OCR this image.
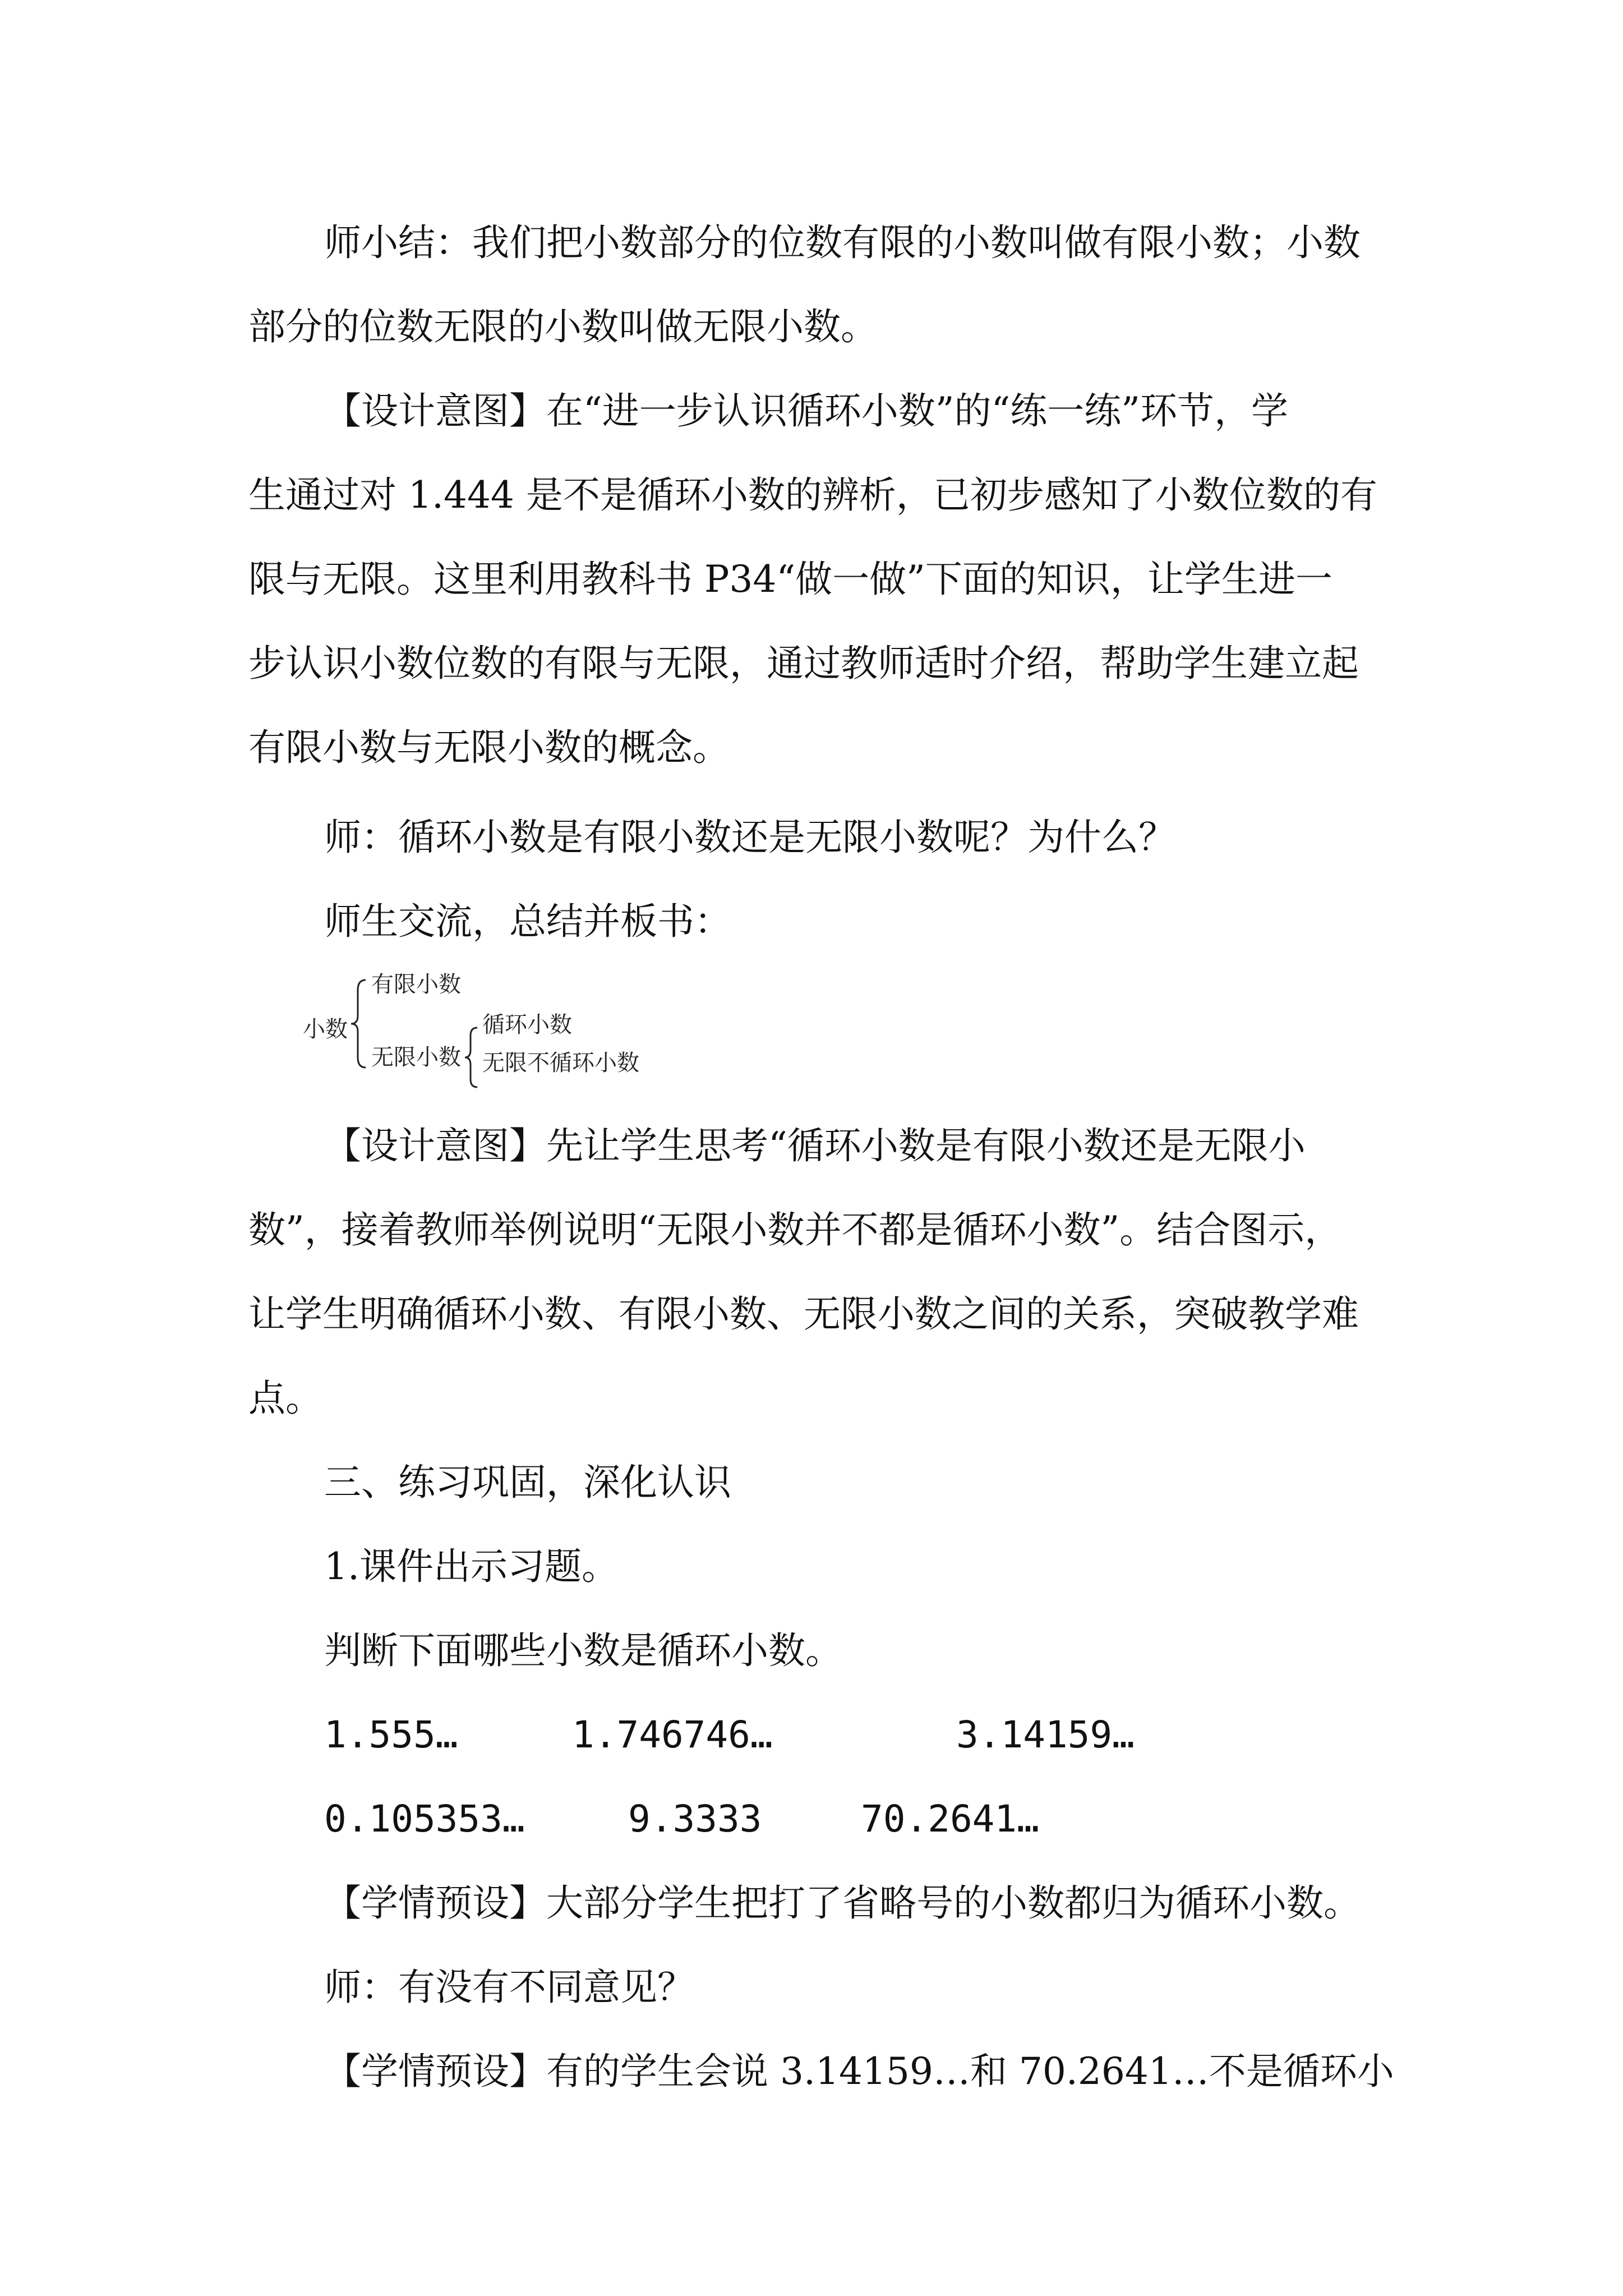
师小结：我们把小数部分的位数有限的小数叫做有限小数；小数
部分的位数无限的小数叫做无限小数。
【设计意图】在“进一步认识循环小数”的“练一练”环节，学
生通过对 1.444 是不是循环小数的辨析，已初步感知了小数位数的有
限与无限。这里利用教科书 P34“做一做”下面的知识，让学生进一
步认识小数位数的有限与无限，通过教师适时介绍，帮助学生建立起
有限小数与无限小数的概念。
师：循环小数是有限小数还是无限小数呢？为什么？
师生交流，总结并板书：
小数
有限小数
无限小数
循环小数
无限不循环小数
【设计意图】先让学生思考“循环小数是有限小数还是无限小
数”，接着教师举例说明“无限小数并不都是循环小数”。结合图示，
让学生明确循环小数、有限小数、无限小数之间的关系，突破教学难
点。
三、练习巩固，深化认识
1.课件出示习题。
判断下面哪些小数是循环小数。
1.555…	1.746746…	3.14159…
0.105353…	9.3333	70.2641…
【学情预设】大部分学生把打了省略号的小数都归为循环小数。
师：有没有不同意见？
【学情预设】有的学生会说 3.14159…和 70.2641…不是循环小
